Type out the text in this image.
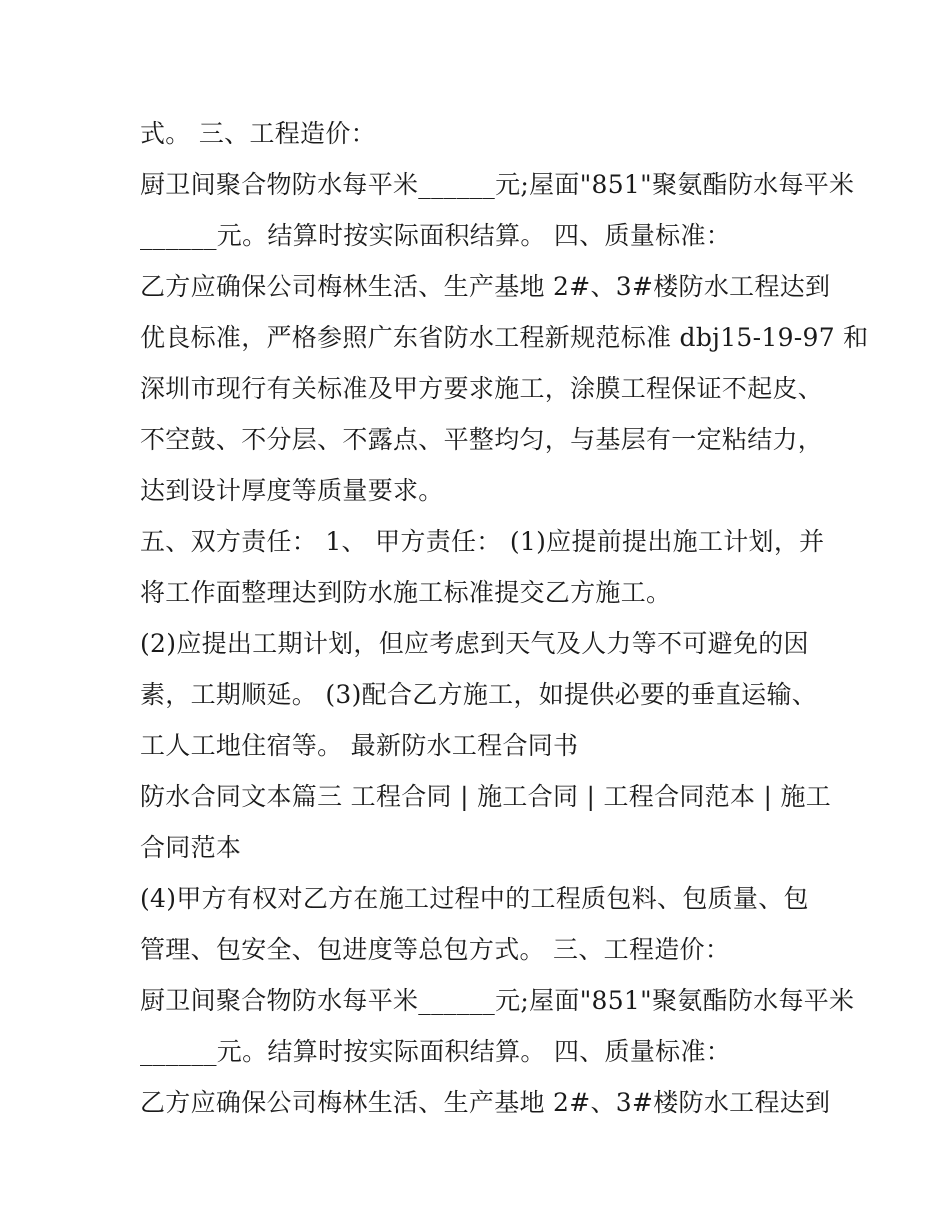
式。 三、工程造价：
厨卫间聚合物防水每平米______元;屋面"851"聚氨酯防水每平米
______元。结算时按实际面积结算。 四、质量标准：
乙方应确保公司梅林生活、生产基地 2#、3#楼防水工程达到
优良标准，严格参照广东省防水工程新规范标准 dbj15-19-97 和
深圳市现行有关标准及甲方要求施工，涂膜工程保证不起皮、
不空鼓、不分层、不露点、平整均匀，与基层有一定粘结力，
达到设计厚度等质量要求。
五、双方责任： 1、 甲方责任： (1)应提前提出施工计划，并
将工作面整理达到防水施工标准提交乙方施工。
(2)应提出工期计划，但应考虑到天气及人力等不可避免的因
素，工期顺延。 (3)配合乙方施工，如提供必要的垂直运输、
工人工地住宿等。 最新防水工程合同书
防水合同文本篇三 工程合同 | 施工合同 | 工程合同范本 | 施工
合同范本
(4)甲方有权对乙方在施工过程中的工程质包料、包质量、包
管理、包安全、包进度等总包方式。 三、工程造价：
厨卫间聚合物防水每平米______元;屋面"851"聚氨酯防水每平米
______元。结算时按实际面积结算。 四、质量标准：
乙方应确保公司梅林生活、生产基地 2#、3#楼防水工程达到
